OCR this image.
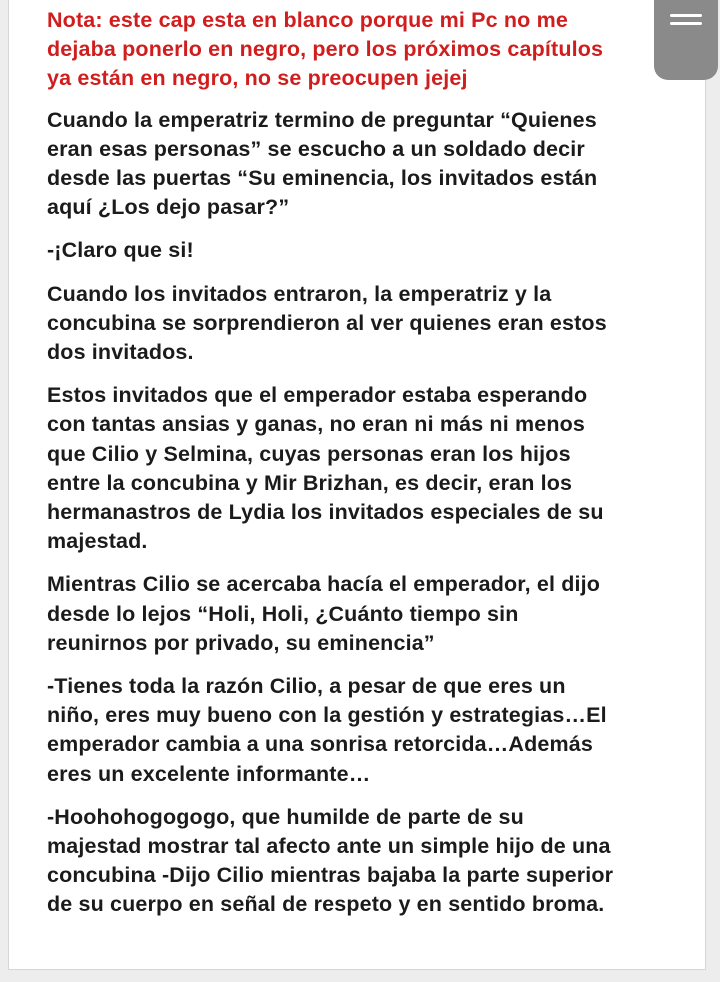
Nota: este cap esta en blanco porque mi Pc no me
dejaba ponerlo en negro, pero los próximos capítulos
ya están en negro, no se preocupen jejej

Cuando la emperatriz termino de preguntar “Quienes
eran esas personas” se escucho a un soldado decir
desde las puertas “Su eminencia, los invitados están
aquí ¿Los dejo pasar?”

-¡Claro que si!

Cuando los invitados entraron, la emperatriz y la
concubina se sorprendieron al ver quienes eran estos
dos invitados.

Estos invitados que el emperador estaba esperando
con tantas ansias y ganas, no eran ni más ni menos
que Cilio y Selmina, cuyas personas eran los hijos
entre la concubina y Mir Brizhan, es decir, eran los
hermanastros de Lydia los invitados especiales de su
majestad.

Mientras Cilio se acercaba hacía el emperador, el dijo
desde lo lejos “Holi, Holi, ¿Cuánto tiempo sin
reunirnos por privado, su eminencia”

-Tienes toda la razón Cilio, a pesar de que eres un
niño, eres muy bueno con la gestión y estrategias…El
emperador cambia a una sonrisa retorcida…Además
eres un excelente informante…

-Hoohohogogogo, que humilde de parte de su
majestad mostrar tal afecto ante un simple hijo de una
concubina -Dijo Cilio mientras bajaba la parte superior
de su cuerpo en señal de respeto y en sentido broma.
